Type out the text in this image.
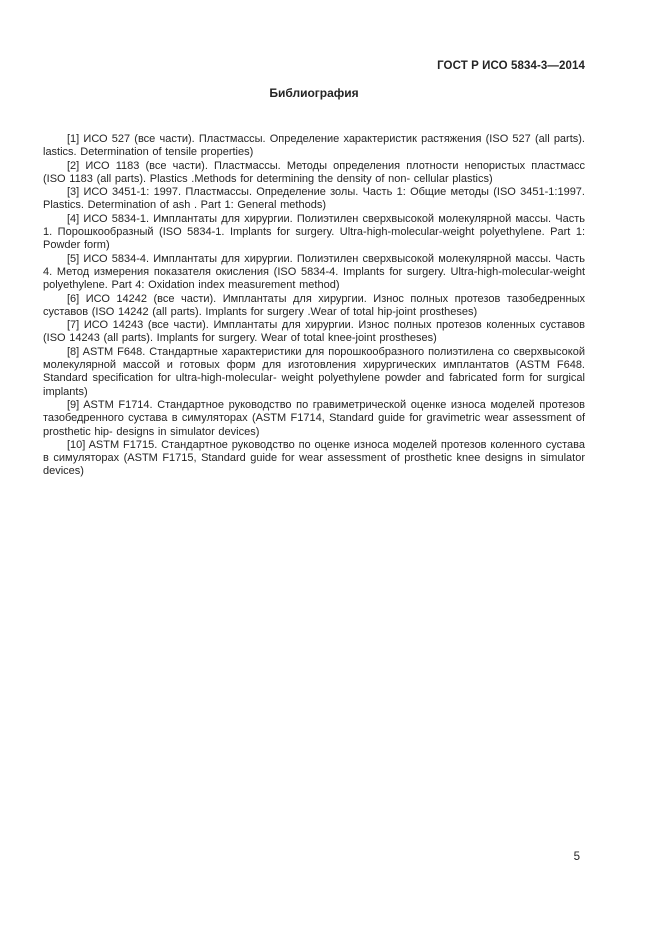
ГОСТ Р ИСО 5834-3—2014
Библиография

[1] ИСО 527 (все части). Пластмассы. Определение характеристик растяжения (ISO 527 (all parts). lastics. Determination of tensile properties)

[2] ИСО 1183 (все части). Пластмассы. Методы определения плотности непористых пластмасс (ISO 1183 (all parts). Plastics .Methods for determining the density of non- cellular plastics)

[3] ИСО 3451-1: 1997. Пластмассы. Определение золы. Часть 1: Общие методы (ISO 3451-1:1997. Plastics. Determination of ash . Part 1: General methods)

[4] ИСО 5834-1. Имплантаты для хирургии. Полиэтилен сверхвысокой молекулярной массы. Часть 1. Порошкообразный (ISO 5834-1. Implants for surgery. Ultra-high-molecular-weight polyethylene. Part 1: Powder form)

[5] ИСО 5834-4. Имплантаты для хирургии. Полиэтилен сверхвысокой молекулярной массы. Часть 4. Метод измерения показателя окисления (ISO 5834-4. Implants for surgery. Ultra-high-molecular-weight polyethylene. Part 4: Oxidation index measurement method)

[6] ИСО 14242 (все части). Имплантаты для хирургии. Износ полных протезов тазобедренных суставов (ISO 14242 (all parts). Implants for surgery .Wear of total hip-joint prostheses)

[7] ИСО 14243 (все части). Имплантаты для хирургии. Износ полных протезов коленных суставов (ISO 14243 (all parts). Implants for surgery. Wear of total knee-joint prostheses)

[8] ASTM F648. Стандартные характеристики для порошкообразного полиэтилена со сверхвысокой молекулярной массой и готовых форм для изготовления хирургических имплантатов (ASTM F648. Standard specification for ultra-high-molecular- weight polyethylene powder and fabricated form for surgical implants)

[9] ASTM F1714. Стандартное руководство по гравиметрической оценке износа моделей протезов тазобедренного сустава в симуляторах (ASTM F1714, Standard guide for gravimetric wear assessment of prosthetic hip- designs in simulator devices)

[10] ASTM F1715. Стандартное руководство по оценке износа моделей протезов коленного сустава в симуляторах (ASTM F1715, Standard guide for wear assessment of prosthetic knee designs in simulator devices)

5
